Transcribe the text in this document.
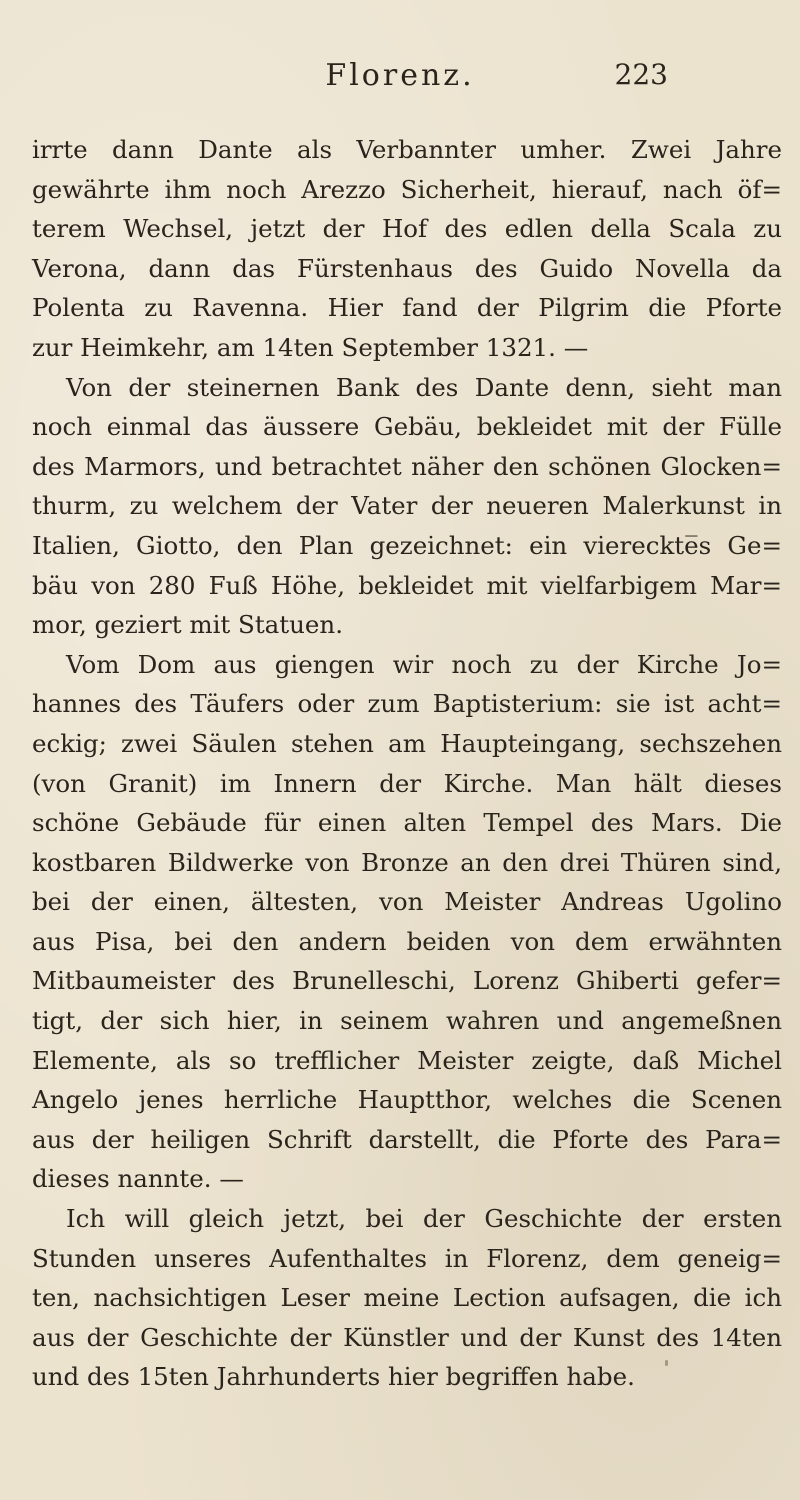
Florenz.	223
irrte dann Dante als Verbannter umher. Zwei Jahre
gewährte ihm noch Arezzo Sicherheit, hierauf, nach öf=
terem Wechsel, jetzt der Hof des edlen della Scala zu
Verona, dann das Fürstenhaus des Guido Novella da
Polenta zu Ravenna. Hier fand der Pilgrim die Pforte
zur Heimkehr, am 14ten September 1321. —
Von der steinernen Bank des Dante denn, sieht man
noch einmal das äussere Gebäu, bekleidet mit der Fülle
des Marmors, und betrachtet näher den schönen Glocken=
thurm, zu welchem der Vater der neueren Malerkunst in
Italien, Giotto, den Plan gezeichnet: ein viereckte̅s Ge=
bäu von 280 Fuß Höhe, bekleidet mit vielfarbigem Mar=
mor, geziert mit Statuen.
Vom Dom aus giengen wir noch zu der Kirche Jo=
hannes des Täufers oder zum Baptisterium: sie ist acht=
eckig; zwei Säulen stehen am Haupteingang, sechszehen
(von Granit) im Innern der Kirche. Man hält dieses
schöne Gebäude für einen alten Tempel des Mars. Die
kostbaren Bildwerke von Bronze an den drei Thüren sind,
bei der einen, ältesten, von Meister Andreas Ugolino
aus Pisa, bei den andern beiden von dem erwähnten
Mitbaumeister des Brunelleschi, Lorenz Ghiberti gefer=
tigt, der sich hier, in seinem wahren und angemeßnen
Elemente, als so trefflicher Meister zeigte, daß Michel
Angelo jenes herrliche Hauptthor, welches die Scenen
aus der heiligen Schrift darstellt, die Pforte des Para=
dieses nannte. —
Ich will gleich jetzt, bei der Geschichte der ersten
Stunden unseres Aufenthaltes in Florenz, dem geneig=
ten, nachsichtigen Leser meine Lection aufsagen, die ich
aus der Geschichte der Künstler und der Kunst des 14ten
und des 15ten Jahrhunderts hier begriffen habe.
